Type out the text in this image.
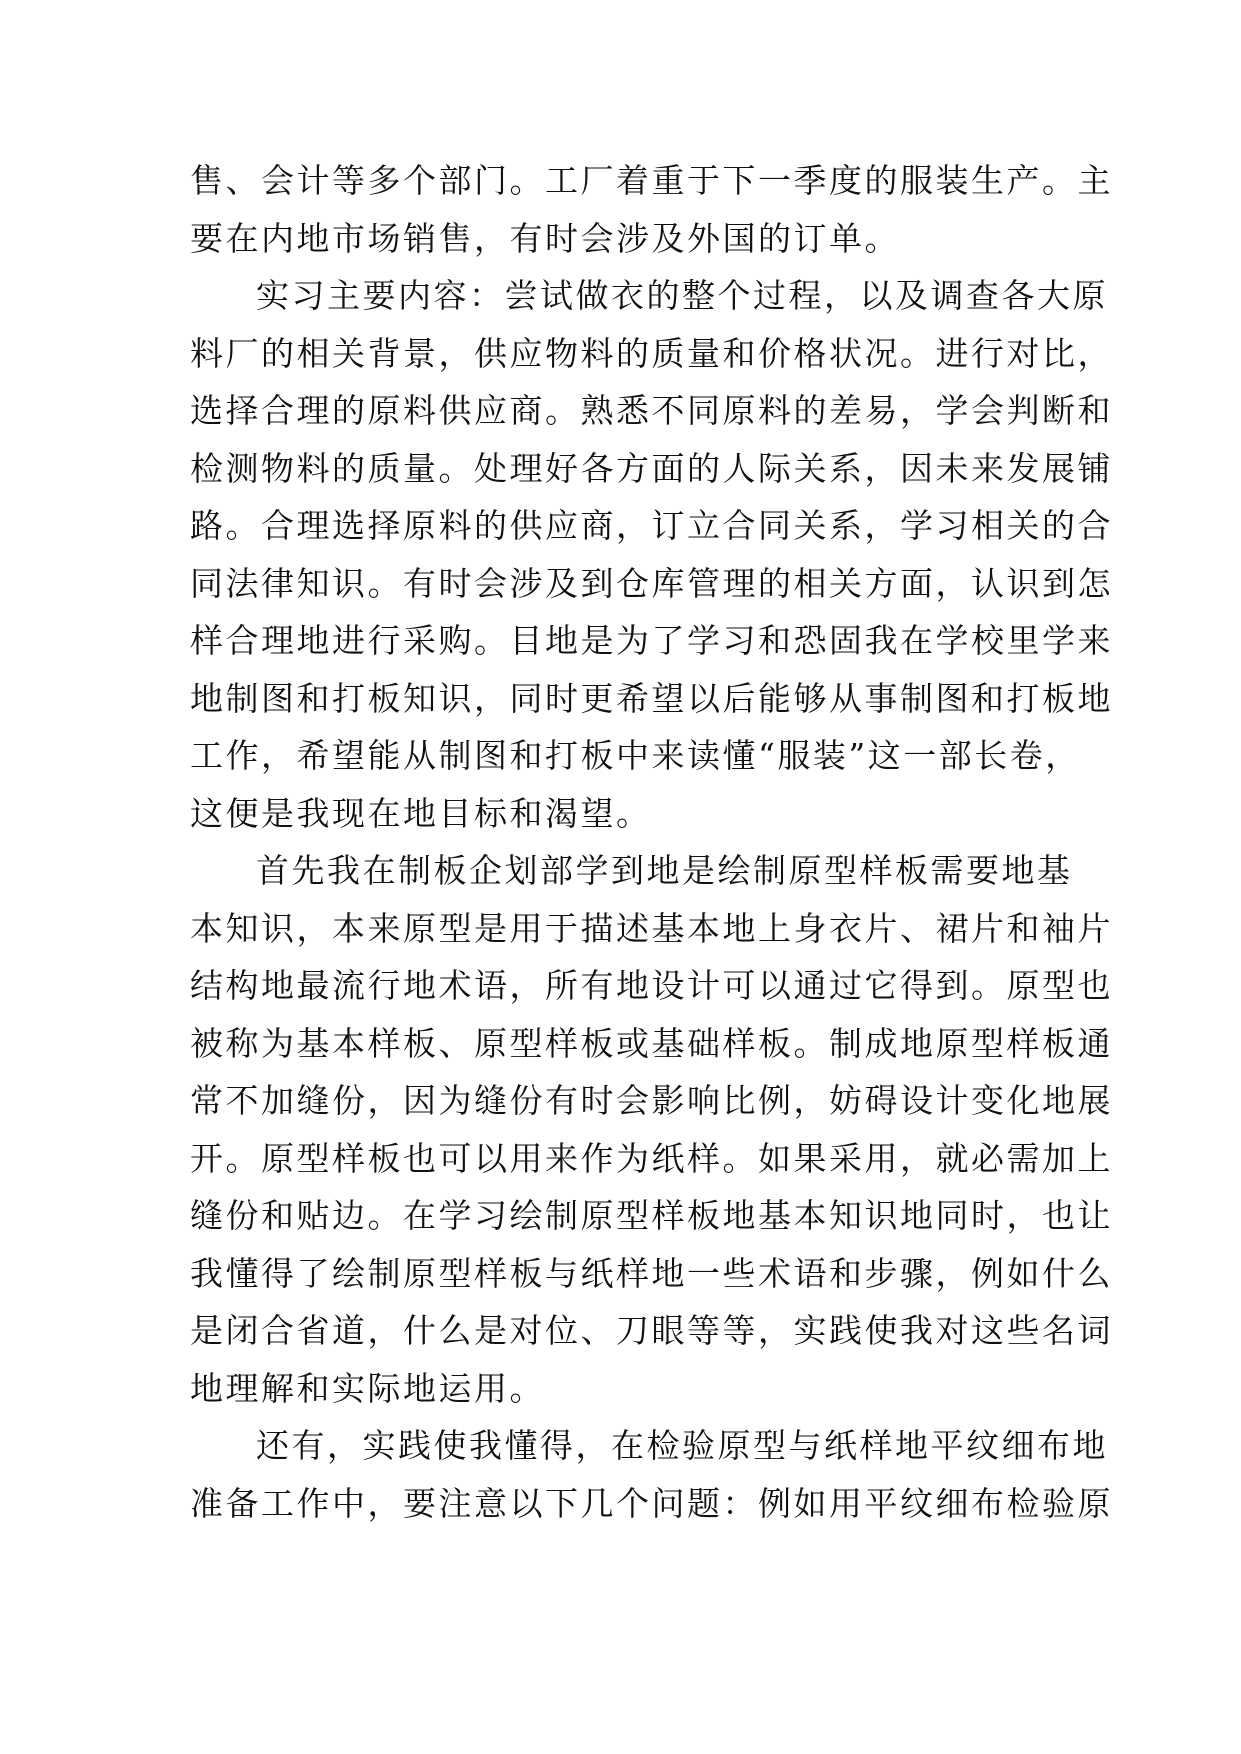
售、会计等多个部门。工厂着重于下一季度的服装生产。主
要在内地市场销售，有时会涉及外国的订单。
实习主要内容：尝试做衣的整个过程，以及调查各大原
料厂的相关背景，供应物料的质量和价格状况。进行对比，
选择合理的原料供应商。熟悉不同原料的差易，学会判断和
检测物料的质量。处理好各方面的人际关系，因未来发展铺
路。合理选择原料的供应商，订立合同关系，学习相关的合
同法律知识。有时会涉及到仓库管理的相关方面，认识到怎
样合理地进行采购。目地是为了学习和恐固我在学校里学来
地制图和打板知识，同时更希望以后能够从事制图和打板地
工作，希望能从制图和打板中来读懂“服装”这一部长卷，
这便是我现在地目标和渴望。
首先我在制板企划部学到地是绘制原型样板需要地基
本知识，本来原型是用于描述基本地上身衣片、裙片和袖片
结构地最流行地术语，所有地设计可以通过它得到。原型也
被称为基本样板、原型样板或基础样板。制成地原型样板通
常不加缝份，因为缝份有时会影响比例，妨碍设计变化地展
开。原型样板也可以用来作为纸样。如果采用，就必需加上
缝份和贴边。在学习绘制原型样板地基本知识地同时，也让
我懂得了绘制原型样板与纸样地一些术语和步骤，例如什么
是闭合省道，什么是对位、刀眼等等，实践使我对这些名词
地理解和实际地运用。
还有，实践使我懂得，在检验原型与纸样地平纹细布地
准备工作中，要注意以下几个问题：例如用平纹细布检验原
